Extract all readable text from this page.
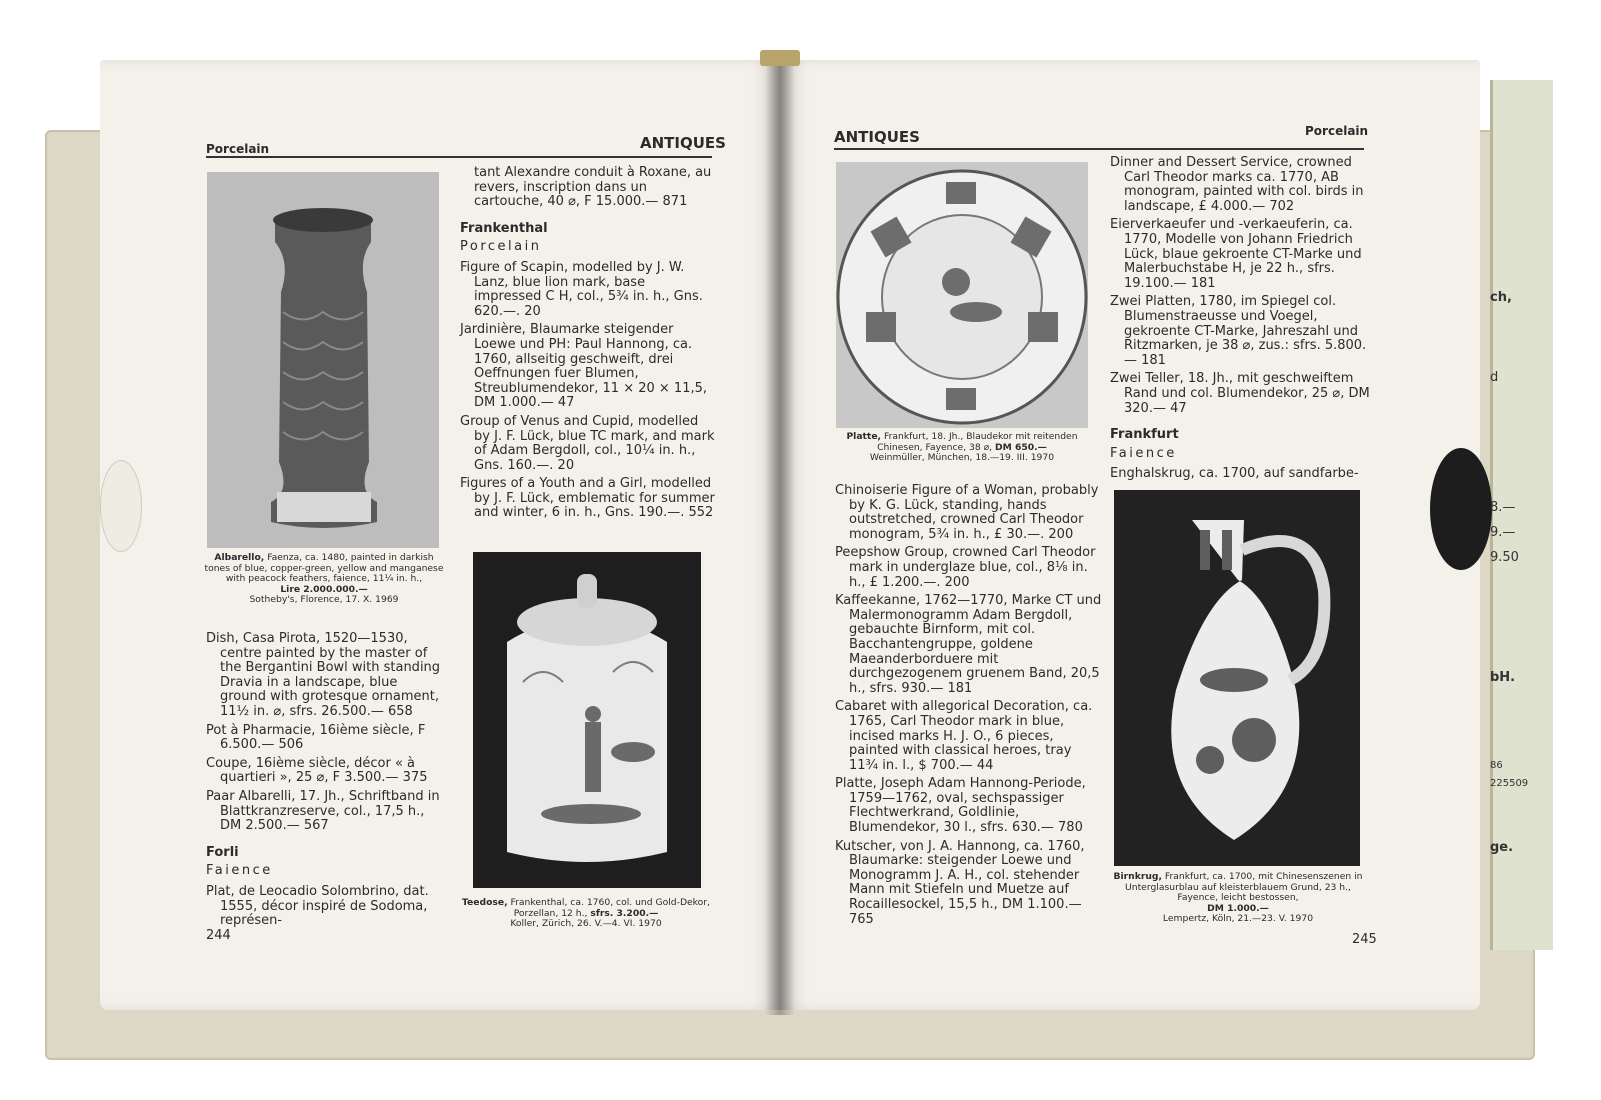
Porcelain	ANTIQUES
Albarello, Faenza, ca. 1480, painted in darkish tones of blue, copper-green, yellow and manganese with peacock feathers, faience, 11¼ in. h.,
Lire 2.000.000.—
Sotheby's, Florence, 17. X. 1969
Dish, Casa Pirota, 1520—1530, centre painted by the master of the Bergantini Bowl with standing Dravia in a landscape, blue ground with grotesque ornament, 11½ in. ⌀, sfrs. 26.500.— 658
Pot à Pharmacie, 16ième siècle, F 6.500.— 506
Coupe, 16ième siècle, décor « à quartieri », 25 ⌀, F 3.500.— 375
Paar Albarelli, 17. Jh., Schriftband in Blattkranzreserve, col., 17,5 h., DM 2.500.— 567
Forli
Faience
Plat, de Leocadio Solombrino, dat. 1555, décor inspiré de Sodoma, représen-
tant Alexandre conduit à Roxane, au revers, inscription dans un cartouche, 40 ⌀, F 15.000.— 871
Frankenthal
Porcelain
Figure of Scapin, modelled by J. W. Lanz, blue lion mark, base impressed C H, col., 5¾ in. h., Gns. 620.—. 20
Jardinière, Blaumarke steigender Loewe und PH: Paul Hannong, ca. 1760, allseitig geschweift, drei Oeffnungen fuer Blumen, Streublumendekor, 11 × 20 × 11,5, DM 1.000.— 47
Group of Venus and Cupid, modelled by J. F. Lück, blue TC mark, and mark of Adam Bergdoll, col., 10¼ in. h., Gns. 160.—. 20
Figures of a Youth and a Girl, modelled by J. F. Lück, emblematic for summer and winter, 6 in. h., Gns. 190.—. 552
Teedose, Frankenthal, ca. 1760, col. und Gold-Dekor, Porzellan, 12 h., sfrs. 3.200.—
Koller, Zürich, 26. V.—4. VI. 1970
244
ANTIQUES	Porcelain
Platte, Frankfurt, 18. Jh., Blaudekor mit reitenden Chinesen, Fayence, 38 ⌀, DM 650.—
Weinmüller, München, 18.—19. III. 1970
Chinoiserie Figure of a Woman, probably by K. G. Lück, standing, hands outstretched, crowned Carl Theodor monogram, 5¾ in. h., £ 30.—. 200
Peepshow Group, crowned Carl Theodor mark in underglaze blue, col., 8⅛ in. h., £ 1.200.—. 200
Kaffeekanne, 1762—1770, Marke CT und Malermonogramm Adam Bergdoll, gebauchte Birnform, mit col. Bacchantengruppe, goldene Maeanderborduere mit durchgezogenem gruenem Band, 20,5 h., sfrs. 930.— 181
Cabaret with allegorical Decoration, ca. 1765, Carl Theodor mark in blue, incised marks H. J. O., 6 pieces, painted with classical heroes, tray 11¾ in. l., $ 700.— 44
Platte, Joseph Adam Hannong-Periode, 1759—1762, oval, sechspassiger Flechtwerkrand, Goldlinie, Blumendekor, 30 l., sfrs. 630.— 780
Kutscher, von J. A. Hannong, ca. 1760, Blaumarke: steigender Loewe und Monogramm J. A. H., col. stehender Mann mit Stiefeln und Muetze auf Rocaillesockel, 15,5 h., DM 1.100.— 765
Dinner and Dessert Service, crowned Carl Theodor marks ca. 1770, AB monogram, painted with col. birds in landscape, £ 4.000.— 702
Eierverkaeufer und -verkaeuferin, ca. 1770, Modelle von Johann Friedrich Lück, blaue gekroente CT-Marke und Malerbuchstabe H, je 22 h., sfrs. 19.100.— 181
Zwei Platten, 1780, im Spiegel col. Blumenstraeusse und Voegel, gekroente CT-Marke, Jahreszahl und Ritzmarken, je 38 ⌀, zus.: sfrs. 5.800.— 181
Zwei Teller, 18. Jh., mit geschweiftem Rand und col. Blumendekor, 25 ⌀, DM 320.— 47
Frankfurt
Faience
Enghalskrug, ca. 1700, auf sandfarbe-
Birnkrug, Frankfurt, ca. 1700, mit Chinesenszenen in Unterglasurblau auf kleisterblauem Grund, 23 h., Fayence, leicht bestossen,
DM 1.000.—
Lempertz, Köln, 21.—23. V. 1970
245
ch,
d
8.—
9.—
9.50
bH.
86
225509
ge.
